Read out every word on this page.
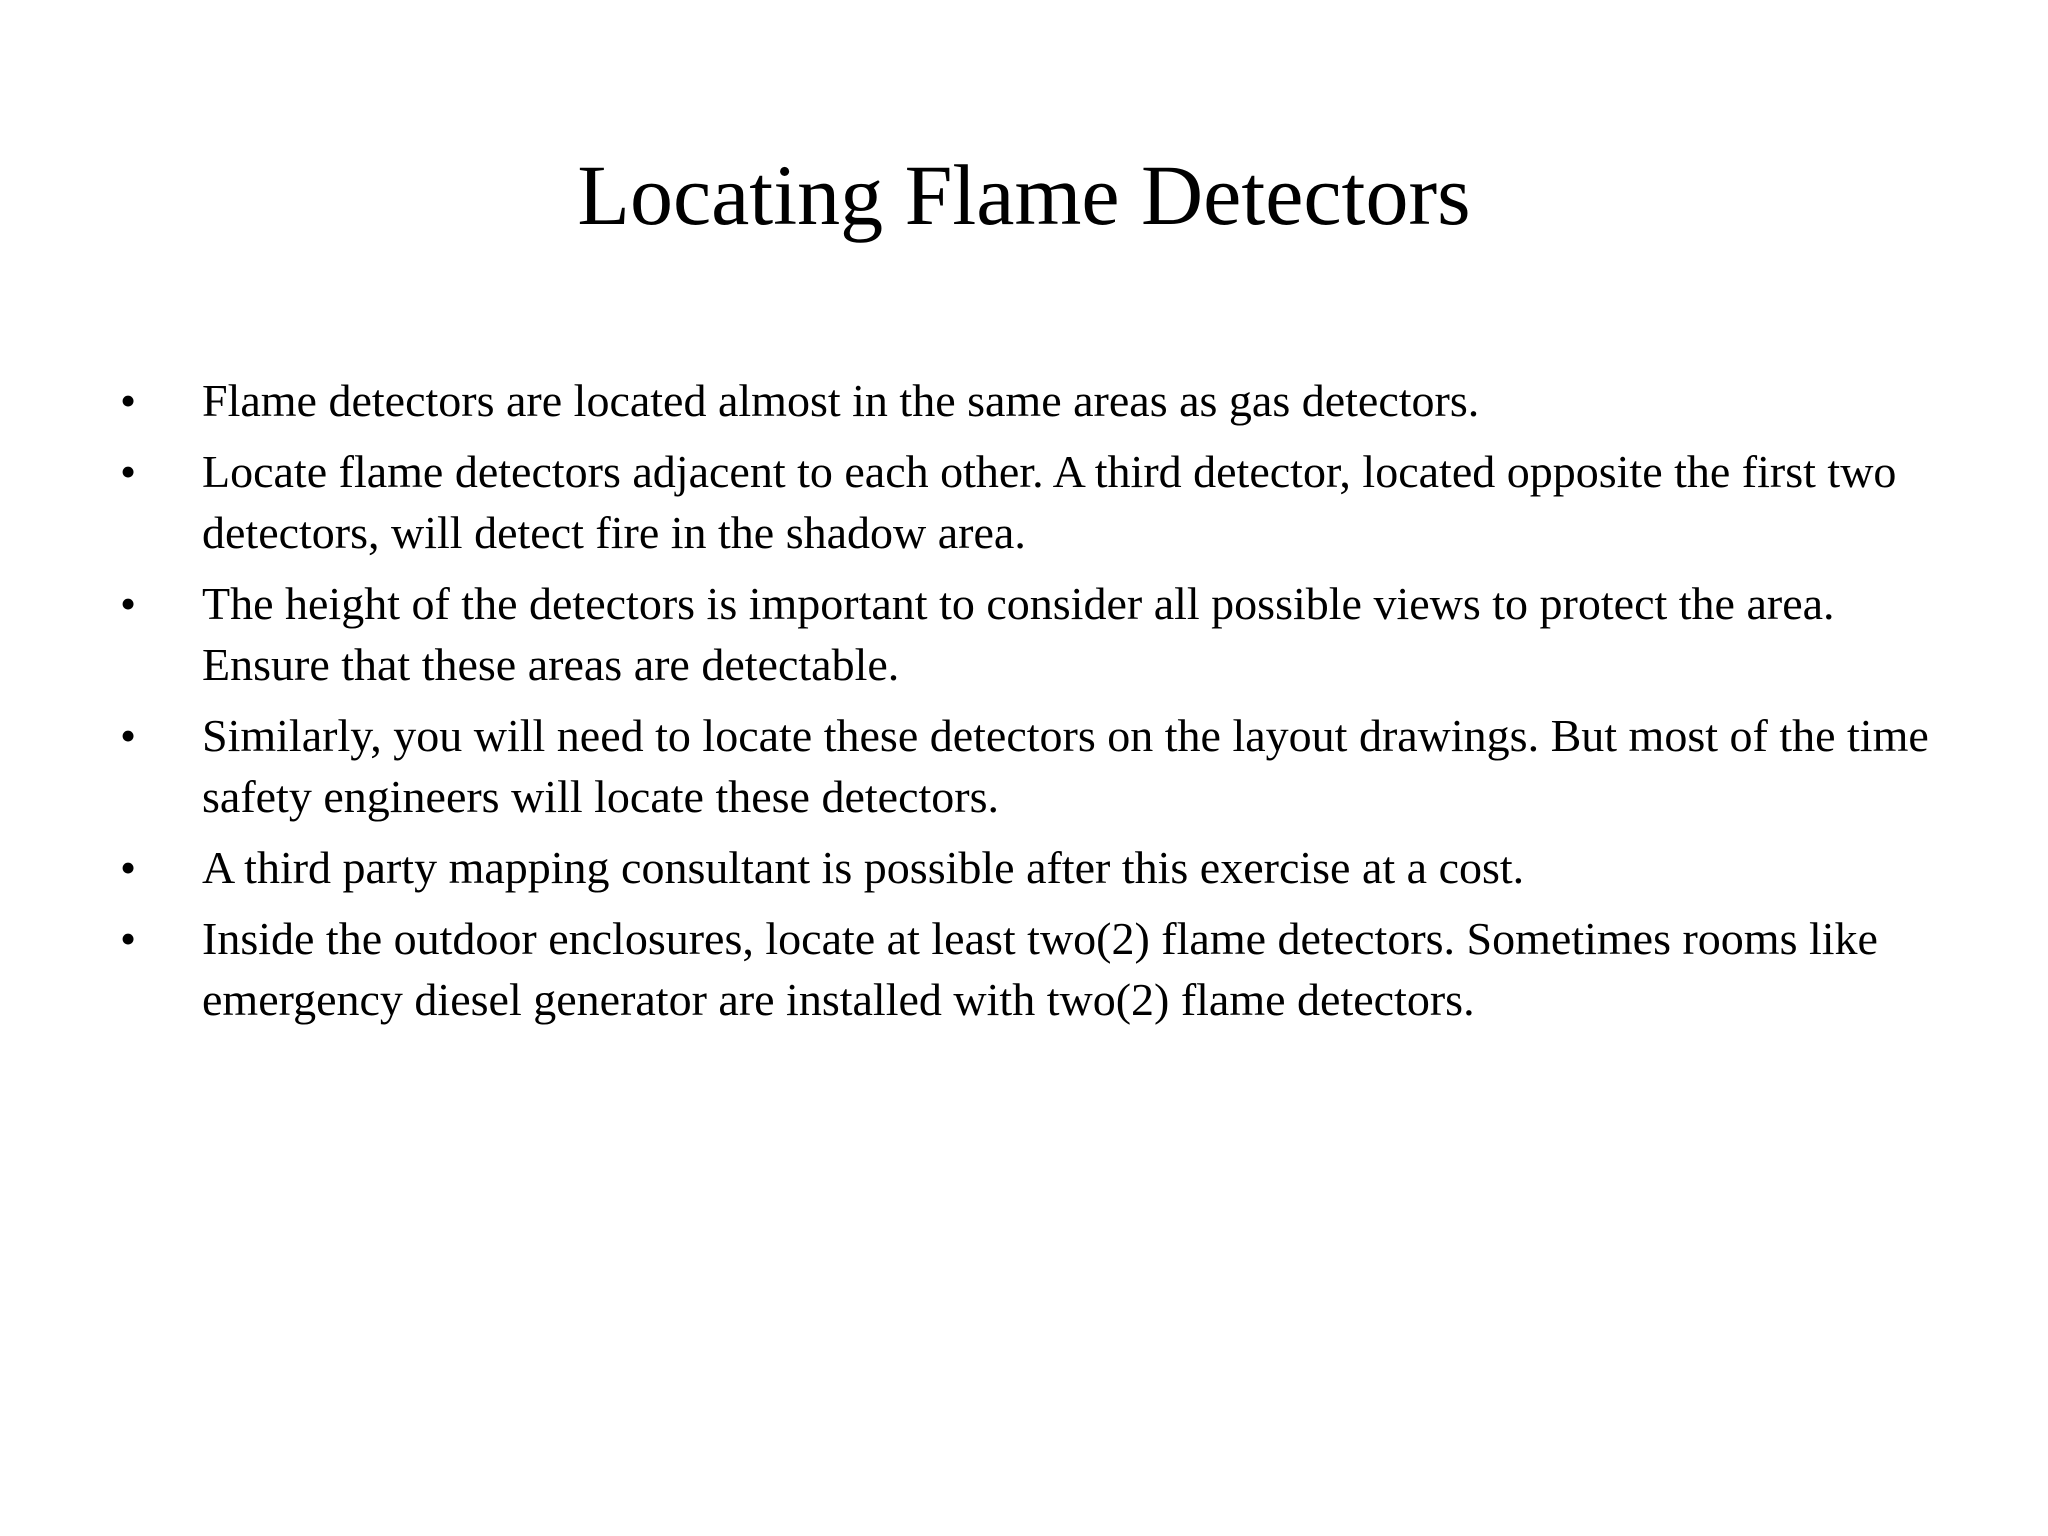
Locating Flame Detectors
• Flame detectors are located almost in the same areas as gas detectors.
• Locate flame detectors adjacent to each other. A third detector, located opposite the first two detectors, will detect fire in the shadow area.
• The height of the detectors is important to consider all possible views to protect the area. Ensure that these areas are detectable.
• Similarly, you will need to locate these detectors on the layout drawings. But most of the time safety engineers will locate these detectors.
• A third party mapping consultant is possible after this exercise at a cost.
• Inside the outdoor enclosures, locate at least two(2) flame detectors. Sometimes rooms like emergency diesel generator are installed with two(2) flame detectors.
